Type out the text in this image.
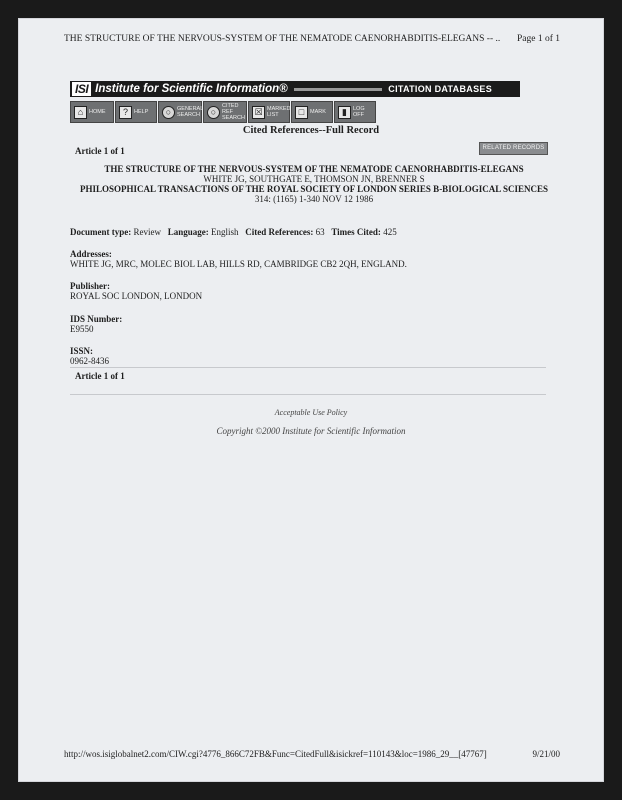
THE STRUCTURE OF THE NERVOUS-SYSTEM OF THE NEMATODE CAENORHABDITIS-ELEGANS -- .. Page 1 of 1
ISI Institute for Scientific Information®	CITATION DATABASES
⌂	HOME	?	HELP	○	GENERAL SEARCH	○
CITED REF SEARCH
☒ MARKED LIST	□	MARK	▮	LOG OFF
Cited References--Full Record
Article 1 of 1	RELATED RECORDS
THE STRUCTURE OF THE NERVOUS-SYSTEM OF THE NEMATODE CAENORHABDITIS-ELEGANS
WHITE JG, SOUTHGATE E, THOMSON JN, BRENNER S
PHILOSOPHICAL TRANSACTIONS OF THE ROYAL SOCIETY OF LONDON SERIES B-BIOLOGICAL SCIENCES
314: (1165) 1-340 NOV 12 1986
Document type: Review Language: English Cited References: 63 Times Cited: 425
Addresses:
WHITE JG, MRC, MOLEC BIOL LAB, HILLS RD, CAMBRIDGE CB2 2QH, ENGLAND.
Publisher:
ROYAL SOC LONDON, LONDON
IDS Number:
E9550
ISSN:
0962-8436
Article 1 of 1
Acceptable Use Policy
Copyright ©2000 Institute for Scientific Information
http://wos.isiglobalnet2.com/CIW.cgi?4776_866C72FB&Func=CitedFull&isickref=110143&loc=1986_29__[47767]	9/21/00
